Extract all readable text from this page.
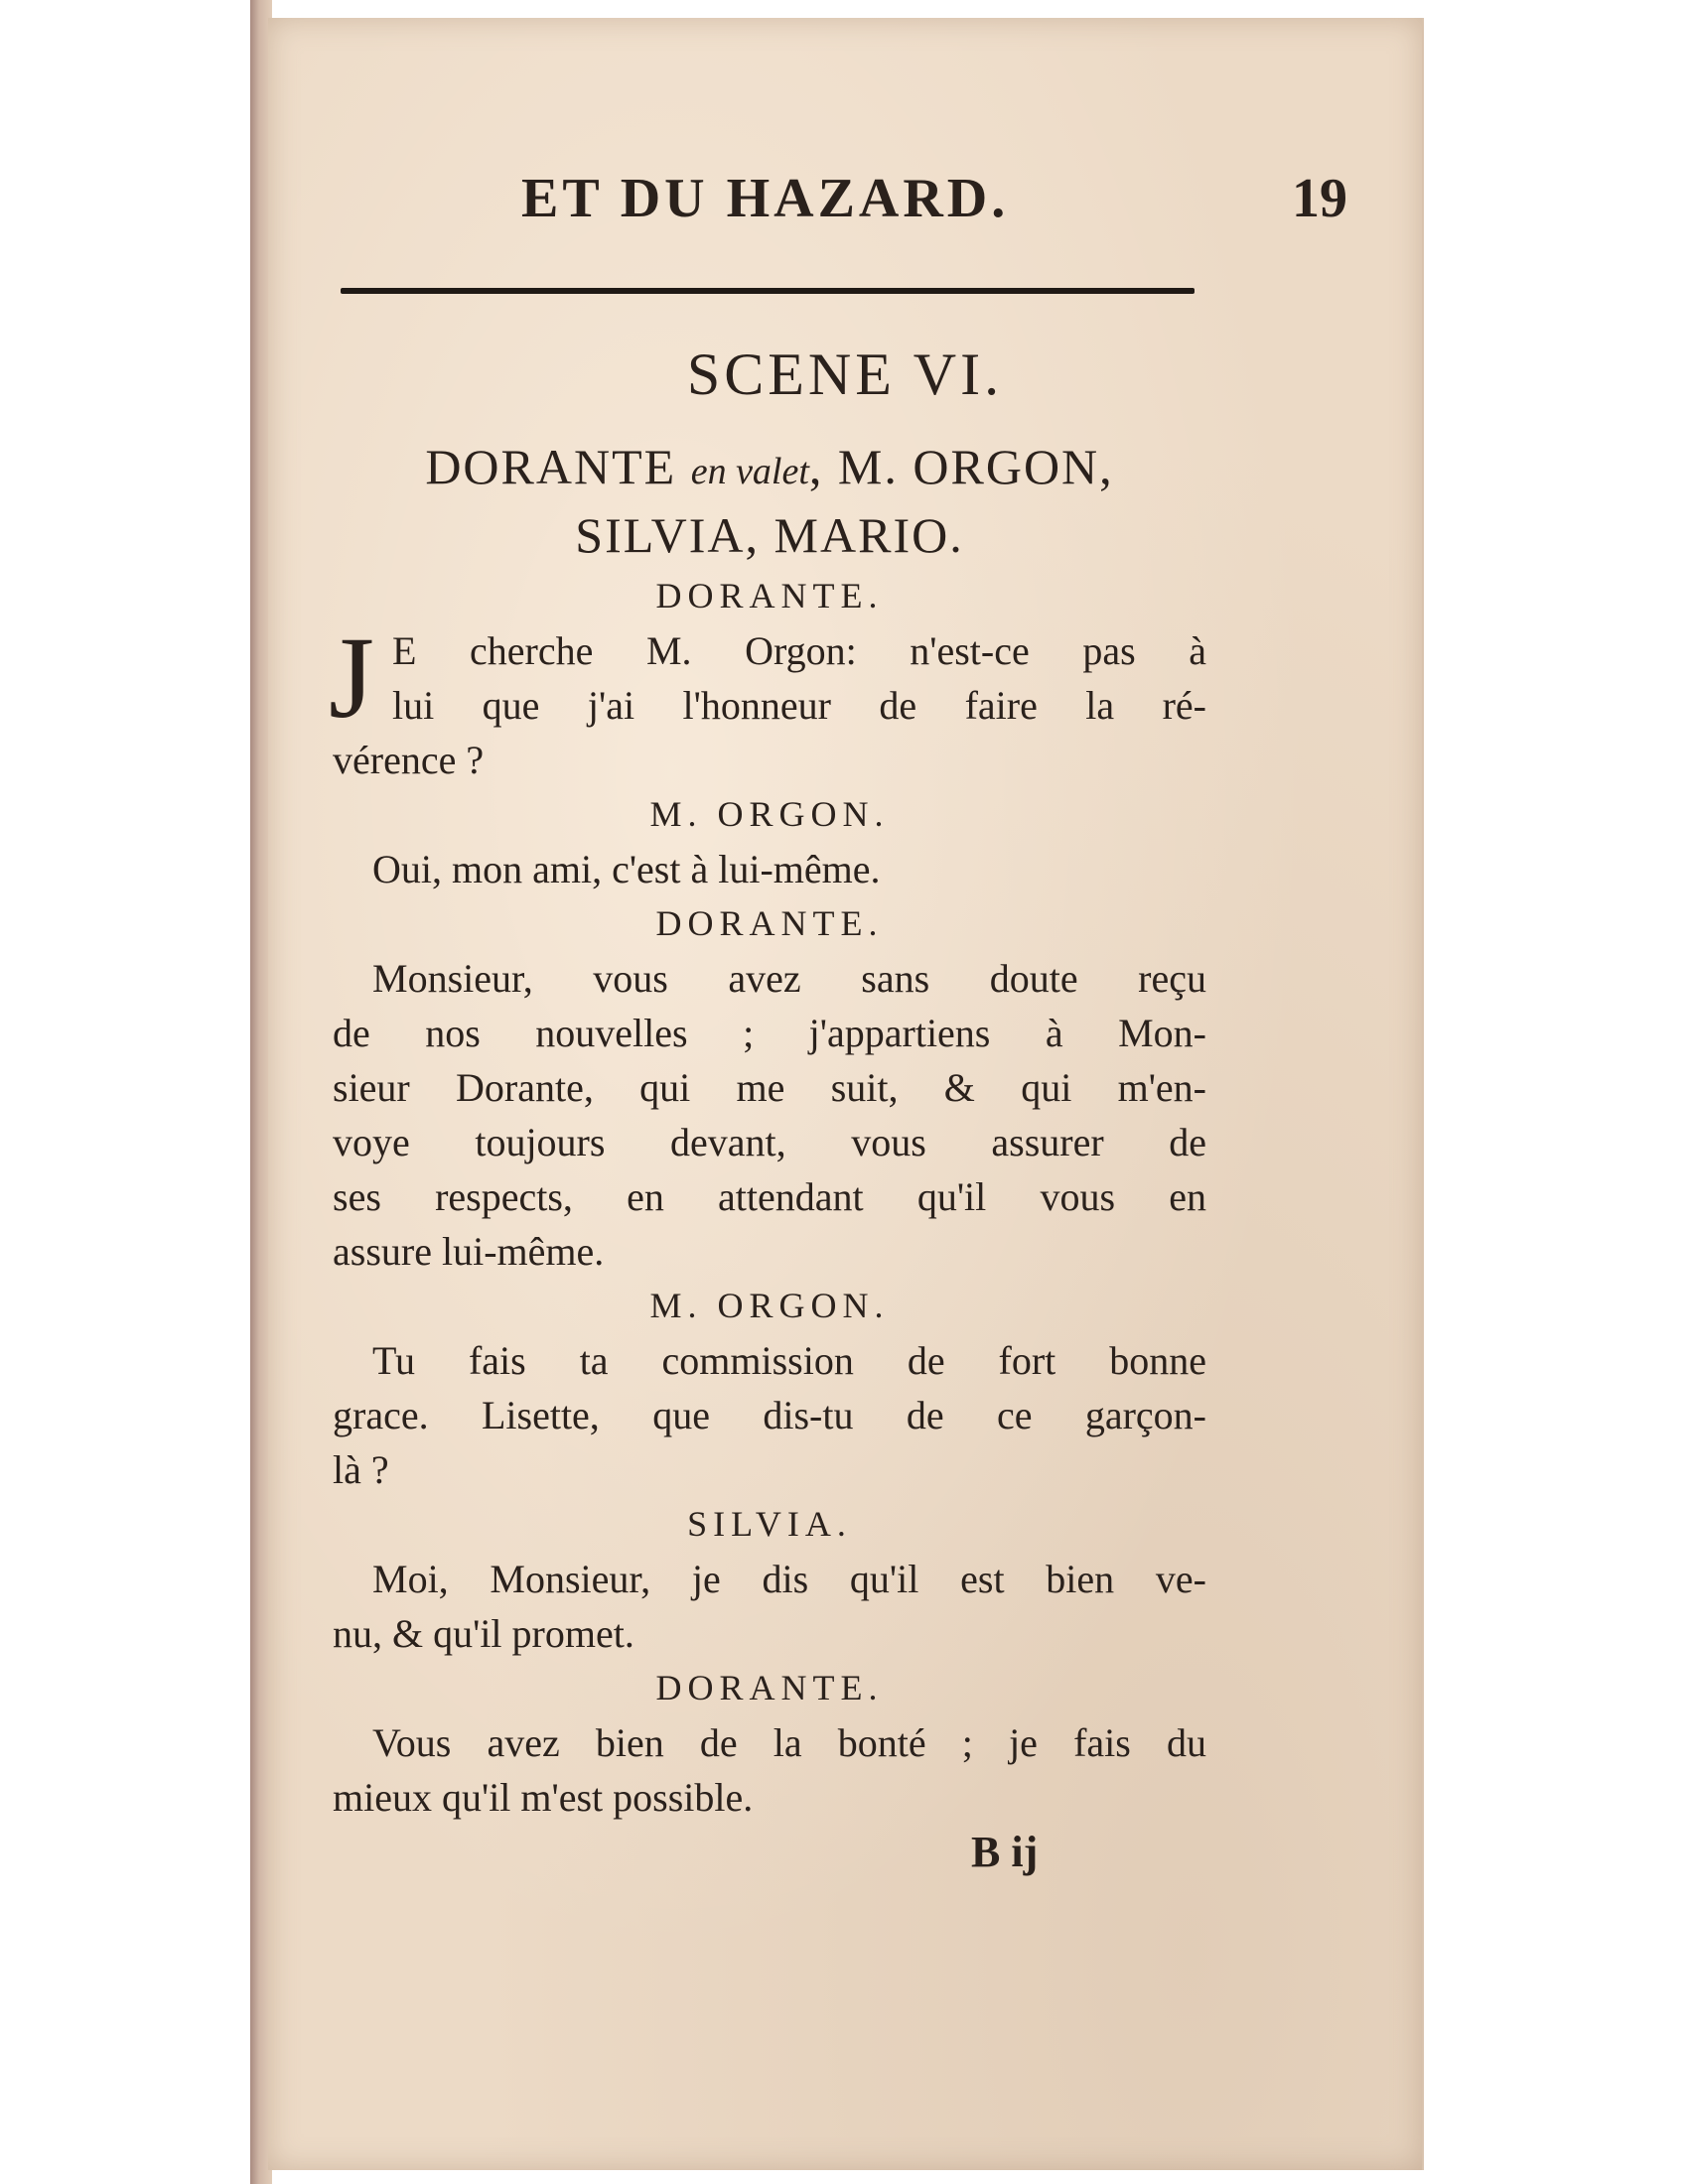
ET DU HAZARD.	19
SCENE VI.
DORANTE en valet, M. ORGON,
SILVIA, MARIO.
DORANTE.
J E cherche M. Orgon: n'est-ce pas à
lui que j'ai l'honneur de faire la ré-
vérence ?
M. ORGON.
Oui, mon ami, c'est à lui-même.
DORANTE.
Monsieur, vous avez sans doute reçu
de nos nouvelles ; j'appartiens à Mon-
sieur Dorante, qui me suit, & qui m'en-
voye toujours devant, vous assurer de
ses respects, en attendant qu'il vous en
assure lui-même.
M. ORGON.
Tu fais ta commission de fort bonne
grace. Lisette, que dis-tu de ce garçon-
là ?
SILVIA.
Moi, Monsieur, je dis qu'il est bien ve-
nu, & qu'il promet.
DORANTE.
Vous avez bien de la bonté ; je fais du
mieux qu'il m'est possible.
B ij
